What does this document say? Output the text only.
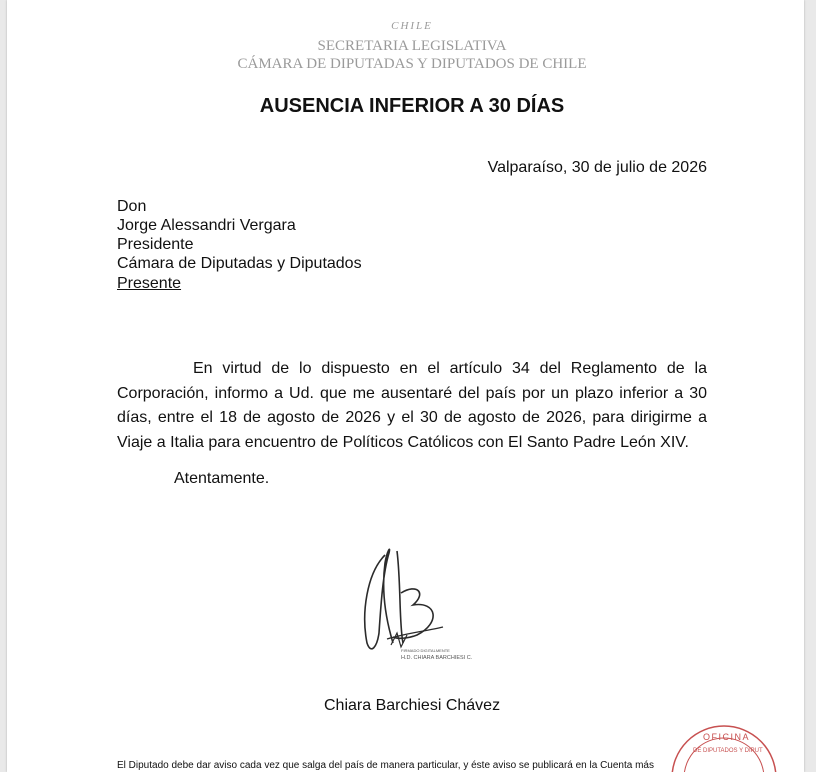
CHILE
SECRETARIA LEGISLATIVA
CÁMARA DE DIPUTADAS Y DIPUTADOS DE CHILE
AUSENCIA INFERIOR A 30 DÍAS
Valparaíso, 30 de julio de 2026
Don
Jorge Alessandri Vergara
Presidente
Cámara de Diputadas y Diputados
Presente
En virtud de lo dispuesto en el artículo 34 del Reglamento de la Corporación, informo a Ud. que me ausentaré del país por un plazo inferior a 30 días, entre el 18 de agosto de 2026 y el 30 de agosto de 2026, para dirigirme a Viaje a Italia para encuentro de Políticos Católicos con El Santo Padre León XIV.
Atentamente.
FIRMADO DIGITALMENTE
H.D. CHIARA BARCHIESI C.
Chiara Barchiesi Chávez
El Diputado debe dar aviso cada vez que salga del país de manera particular, y éste aviso se publicará en la Cuenta más
OFICINA
DE DIPUTADOS Y DIPUT
